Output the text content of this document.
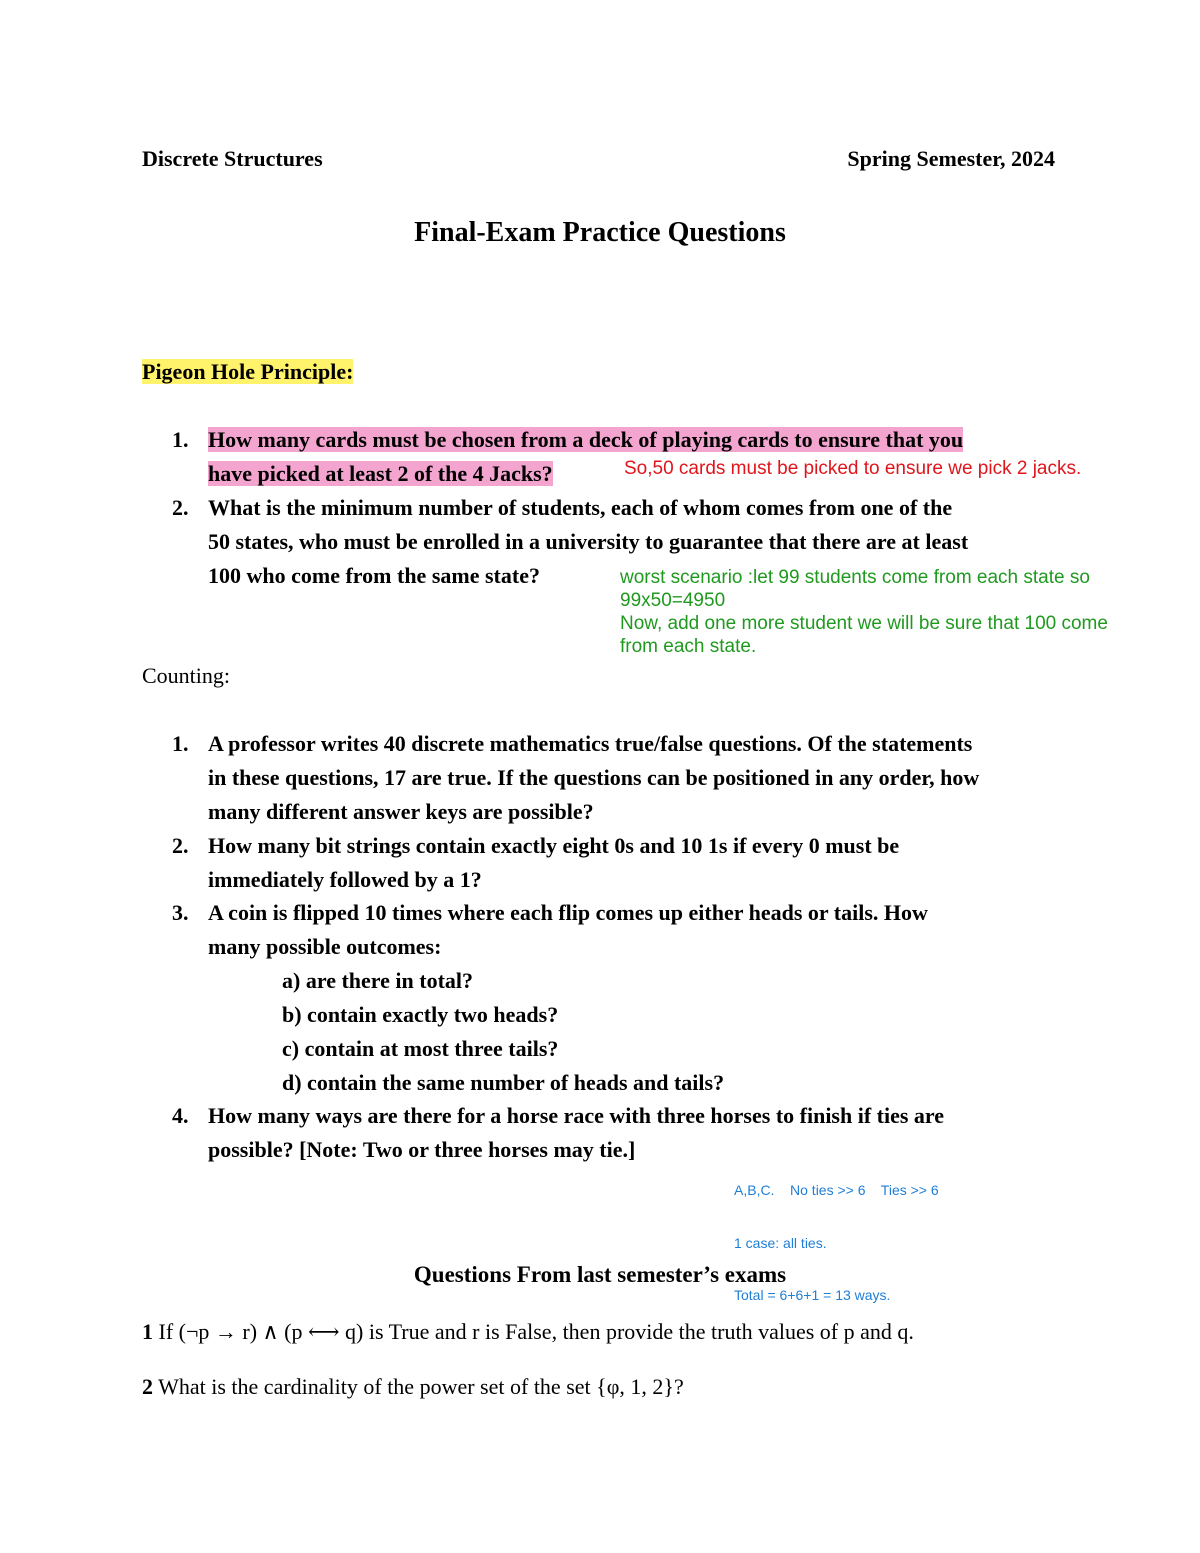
Discrete Structures	Spring Semester, 2024
Final-Exam Practice Questions
Pigeon Hole Principle:
1. How many cards must be chosen from a deck of playing cards to ensure that you
have picked at least 2 of the 4 Jacks?	So,50 cards must be picked to ensure we pick 2 jacks.
2. What is the minimum number of students, each of whom comes from one of the
50 states, who must be enrolled in a university to guarantee that there are at least
100 who come from the same state?	worst scenario :let 99 students come from each state so
99x50=4950
Now, add one more student we will be sure that 100 come
from each state.
Counting:
1. A professor writes 40 discrete mathematics true/false questions. Of the statements
in these questions, 17 are true. If the questions can be positioned in any order, how
many different answer keys are possible?
2. How many bit strings contain exactly eight 0s and 10 1s if every 0 must be
immediately followed by a 1?
3. A coin is flipped 10 times where each flip comes up either heads or tails. How
many possible outcomes:
a) are there in total?
b) contain exactly two heads?
c) contain at most three tails?
d) contain the same number of heads and tails?
4. How many ways are there for a horse race with three horses to finish if ties are
possible? [Note: Two or three horses may tie.]

A,B,C.    No ties >> 6    Ties >> 6

1 case: all ties.

Total = 6+6+1 = 13 ways.

Questions From last semester’s exams
1 If (¬p → r) ∧ (p ⟷ q) is True and r is False, then provide the truth values of p and q.
2 What is the cardinality of the power set of the set {φ, 1, 2}?
